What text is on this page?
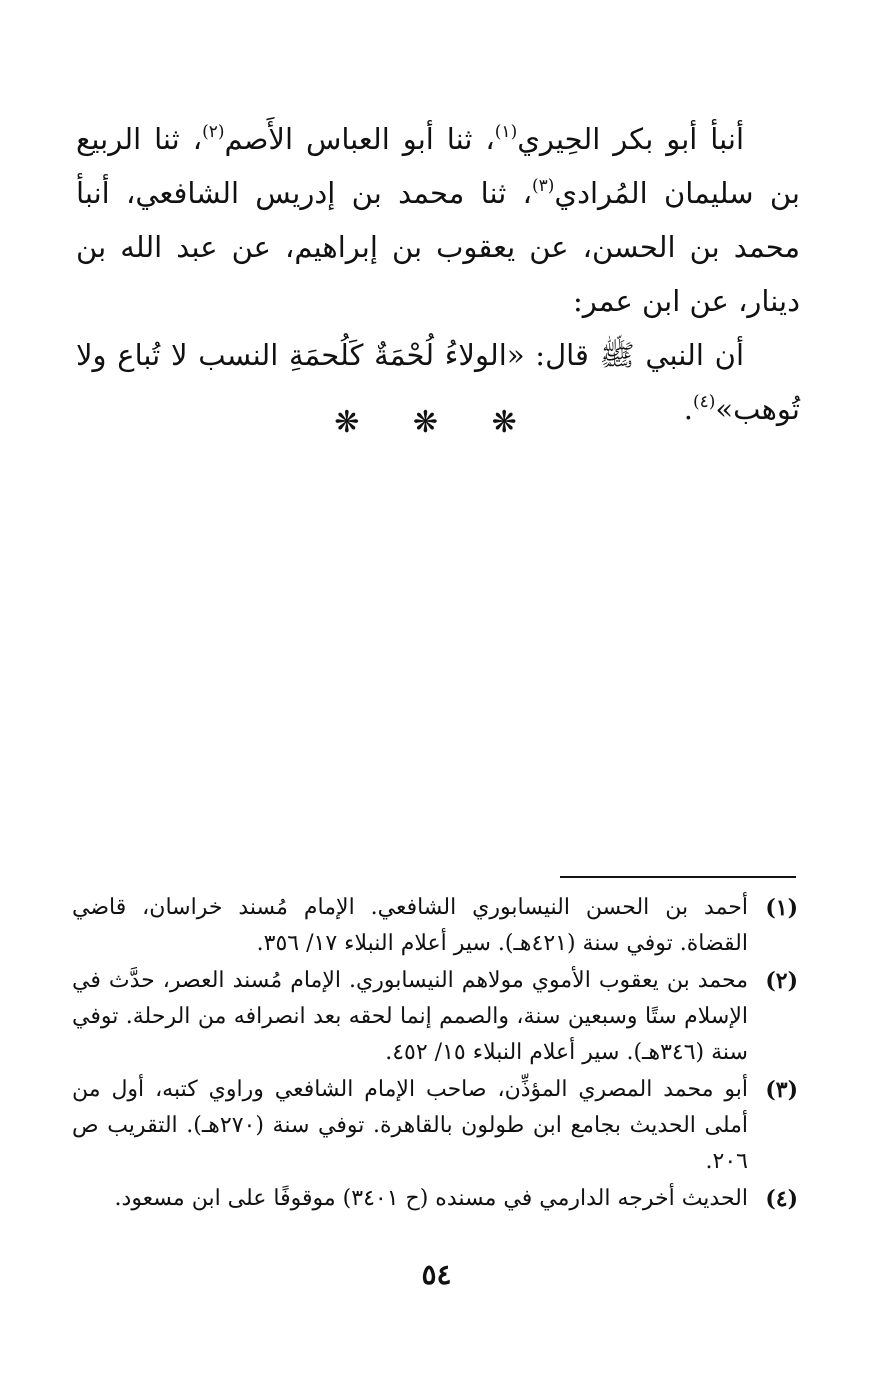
أنبأ أبو بكر الحِيري$^{(١)}$، ثنا أبو العباس الأَصم$^{(٢)}$، ثنا الربيع بن سليمان المُرادي$^{(٣)}$، ثنا محمد بن إدريس الشافعي، أنبأ محمد بن الحسن، عن يعقوب بن إبراهيم، عن عبد الله بن دينار، عن ابن عمر:

أن النبي ﷺ قال: «الولاءُ لُحْمَةٌ كَلُحمَةِ النسب لا تُباع ولا تُوهب»$^{(٤)}$.

❋ ❋ ❋
(١)
أحمد بن الحسن النيسابوري الشافعي. الإمام مُسند خراسان، قاضي القضاة. توفي سنة (٤٢١هـ). سير أعلام النبلاء ١٧/ ٣٥٦.
(٢)
محمد بن يعقوب الأموي مولاهم النيسابوري. الإمام مُسند العصر، حدَّث في الإسلام ستًا وسبعين سنة، والصمم إنما لحقه بعد انصرافه من الرحلة. توفي سنة (٣٤٦هـ). سير أعلام النبلاء ١٥/ ٤٥٢.
(٣)
أبو محمد المصري المؤذِّن، صاحب الإمام الشافعي وراوي كتبه، أول من أملى الحديث بجامع ابن طولون بالقاهرة. توفي سنة (٢٧٠هـ). التقريب ص ٢٠٦.
(٤)
الحديث أخرجه الدارمي في مسنده (ح ٣٤٠١) موقوفًا على ابن مسعود.
٥٤
